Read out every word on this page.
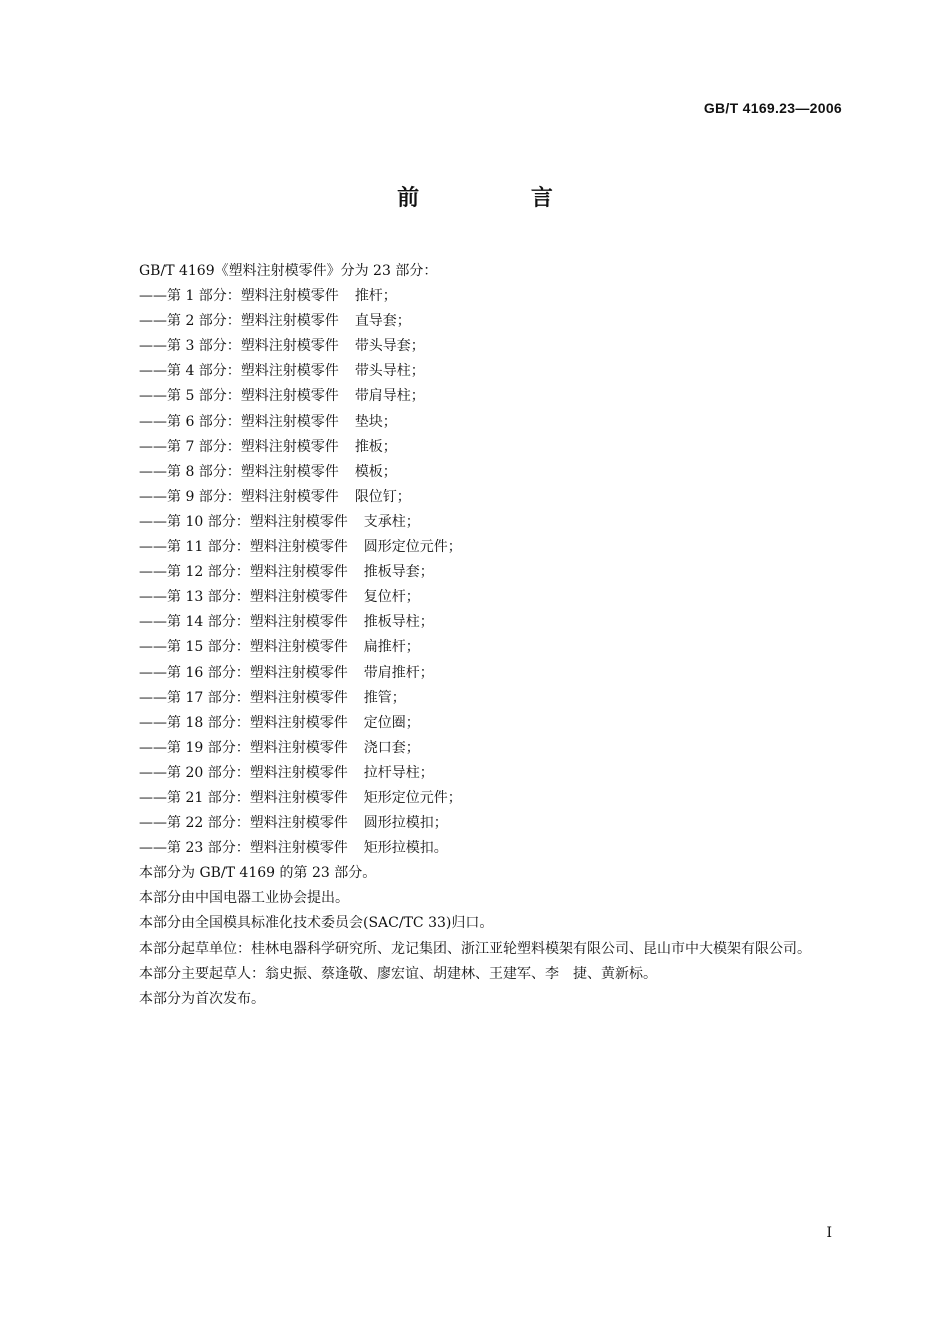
GB/T 4169.23—2006
前 言

GB/T 4169《塑料注射模零件》分为 23 部分：

——第 1 部分：塑料注射模零件 推杆；
——第 2 部分：塑料注射模零件 直导套；
——第 3 部分：塑料注射模零件 带头导套；
——第 4 部分：塑料注射模零件 带头导柱；
——第 5 部分：塑料注射模零件 带肩导柱；
——第 6 部分：塑料注射模零件 垫块；
——第 7 部分：塑料注射模零件 推板；
——第 8 部分：塑料注射模零件 模板；
——第 9 部分：塑料注射模零件 限位钉；
——第 10 部分：塑料注射模零件 支承柱；
——第 11 部分：塑料注射模零件 圆形定位元件；
——第 12 部分：塑料注射模零件 推板导套；
——第 13 部分：塑料注射模零件 复位杆；
——第 14 部分：塑料注射模零件 推板导柱；
——第 15 部分：塑料注射模零件 扁推杆；
——第 16 部分：塑料注射模零件 带肩推杆；
——第 17 部分：塑料注射模零件 推管；
——第 18 部分：塑料注射模零件 定位圈；
——第 19 部分：塑料注射模零件 浇口套；
——第 20 部分：塑料注射模零件 拉杆导柱；
——第 21 部分：塑料注射模零件 矩形定位元件；
——第 22 部分：塑料注射模零件 圆形拉模扣；
——第 23 部分：塑料注射模零件 矩形拉模扣。

本部分为 GB/T 4169 的第 23 部分。

本部分由中国电器工业协会提出。

本部分由全国模具标准化技术委员会(SAC/TC 33)归口。

本部分起草单位：桂林电器科学研究所、龙记集团、浙江亚轮塑料模架有限公司、昆山市中大模架有限公司。

本部分主要起草人：翁史振、蔡逢敬、廖宏谊、胡建林、王建军、李　捷、黄新标。

本部分为首次发布。

I
